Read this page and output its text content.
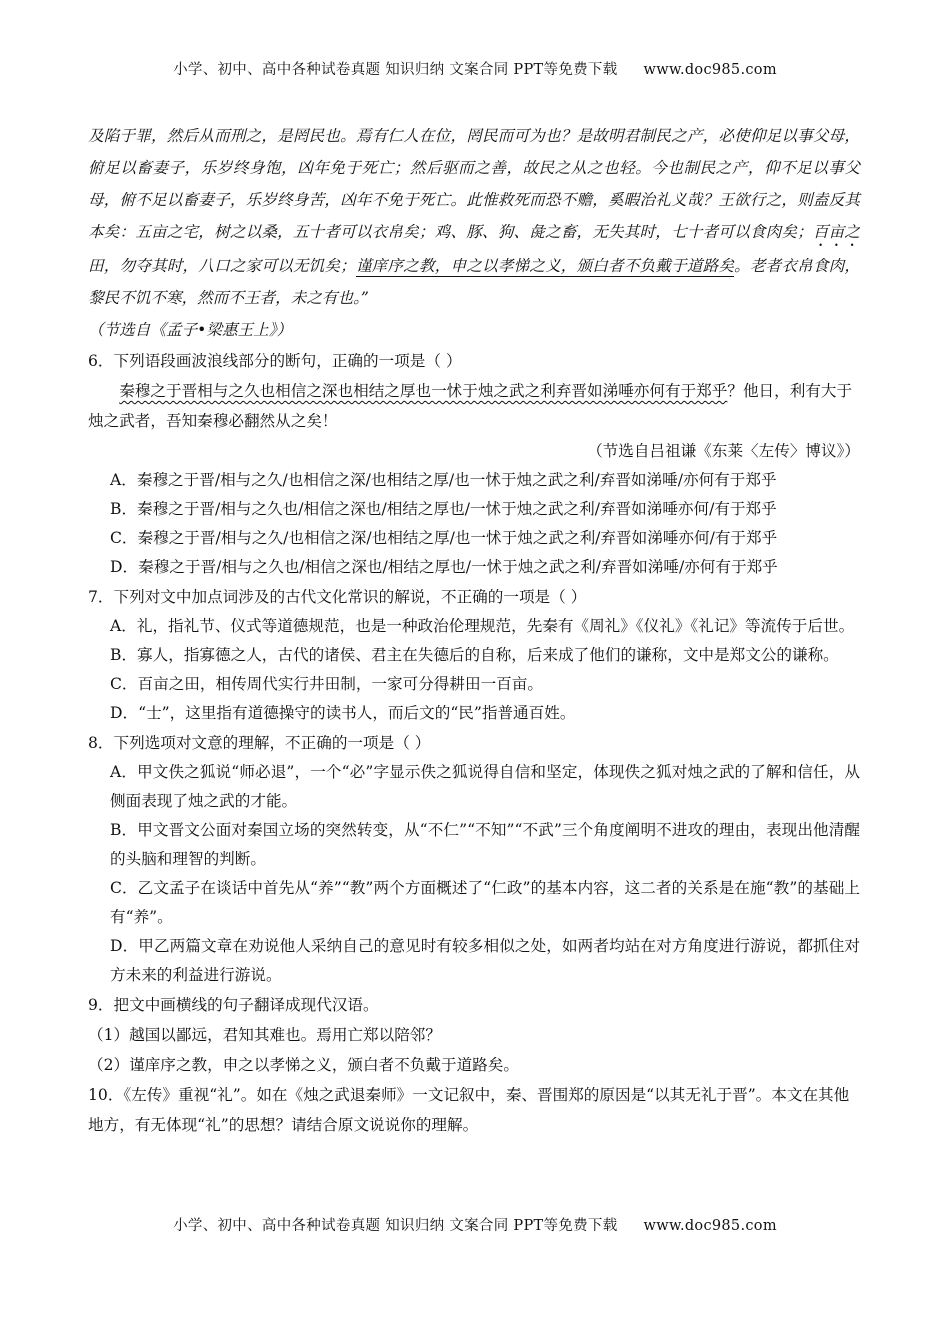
小学、初中、高中各种试卷真题 知识归纳 文案合同 PPT等免费下载 www.doc985.com

及陷于罪，然后从而刑之，是罔民也。焉有仁人在位，罔民而可为也？是故明君制民之产，必使仰足以事父母，俯足以畜妻子，乐岁终身饱，凶年免于死亡；然后驱而之善，故民之从之也轻。今也制民之产，仰不足以事父母，俯不足以畜妻子，乐岁终身苦，凶年不免于死亡。此惟救死而恐不赡，奚暇治礼义哉？王欲行之，则盍反其本矣：五亩之宅，树之以桑，五十者可以衣帛矣；鸡、豚、狗、彘之畜，无失其时，七十者可以食肉矣；百亩之田，勿夺其时，八口之家可以无饥矣；谨庠序之教，申之以孝悌之义，颁白者不负戴于道路矣。老者衣帛食肉，黎民不饥不寒，然而不王者，未之有也。”

（节选自《孟子•梁惠王上》）

6．下列语段画波浪线部分的断句，正确的一项是（ ）

秦穆之于晋相与之久也相信之深也相结之厚也一怵于烛之武之利弃晋如涕唾亦何有于郑乎？他日，利有大于烛之武者，吾知秦穆必翻然从之矣！

（节选自吕祖谦《东莱〈左传〉博议》）

A．秦穆之于晋/相与之久/也相信之深/也相结之厚/也一怵于烛之武之利/弃晋如涕唾/亦何有于郑乎

B．秦穆之于晋/相与之久也/相信之深也/相结之厚也/一怵于烛之武之利/弃晋如涕唾亦何/有于郑乎

C．秦穆之于晋/相与之久/也相信之深/也相结之厚/也一怵于烛之武之利/弃晋如涕唾亦何/有于郑乎

D．秦穆之于晋/相与之久也/相信之深也/相结之厚也/一怵于烛之武之利/弃晋如涕唾/亦何有于郑乎

7．下列对文中加点词涉及的古代文化常识的解说，不正确的一项是（ ）

A．礼，指礼节、仪式等道德规范，也是一种政治伦理规范，先秦有《周礼》《仪礼》《礼记》等流传于后世。

B．寡人，指寡德之人，古代的诸侯、君主在失德后的自称，后来成了他们的谦称，文中是郑文公的谦称。

C．百亩之田，相传周代实行井田制，一家可分得耕田一百亩。

D．“士”，这里指有道德操守的读书人，而后文的“民”指普通百姓。

8．下列选项对文意的理解，不正确的一项是（ ）

A．甲文佚之狐说“师必退”，一个“必”字显示佚之狐说得自信和坚定，体现佚之狐对烛之武的了解和信任，从侧面表现了烛之武的才能。

B．甲文晋文公面对秦国立场的突然转变，从“不仁”“不知”“不武”三个角度阐明不进攻的理由，表现出他清醒的头脑和理智的判断。

C．乙文孟子在谈话中首先从“养”“教”两个方面概述了“仁政”的基本内容，这二者的关系是在施“教”的基础上有“养”。

D．甲乙两篇文章在劝说他人采纳自己的意见时有较多相似之处，如两者均站在对方角度进行游说，都抓住对方未来的利益进行游说。

9．把文中画横线的句子翻译成现代汉语。

（1）越国以鄙远，君知其难也。焉用亡郑以陪邻？

（2）谨庠序之教，申之以孝悌之义，颁白者不负戴于道路矣。

10．《左传》重视“礼”。如在《烛之武退秦师》一文记叙中，秦、晋围郑的原因是“以其无礼于晋”。本文在其他地方，有无体现“礼”的思想？请结合原文说说你的理解。

小学、初中、高中各种试卷真题 知识归纳 文案合同 PPT等免费下载 www.doc985.com
